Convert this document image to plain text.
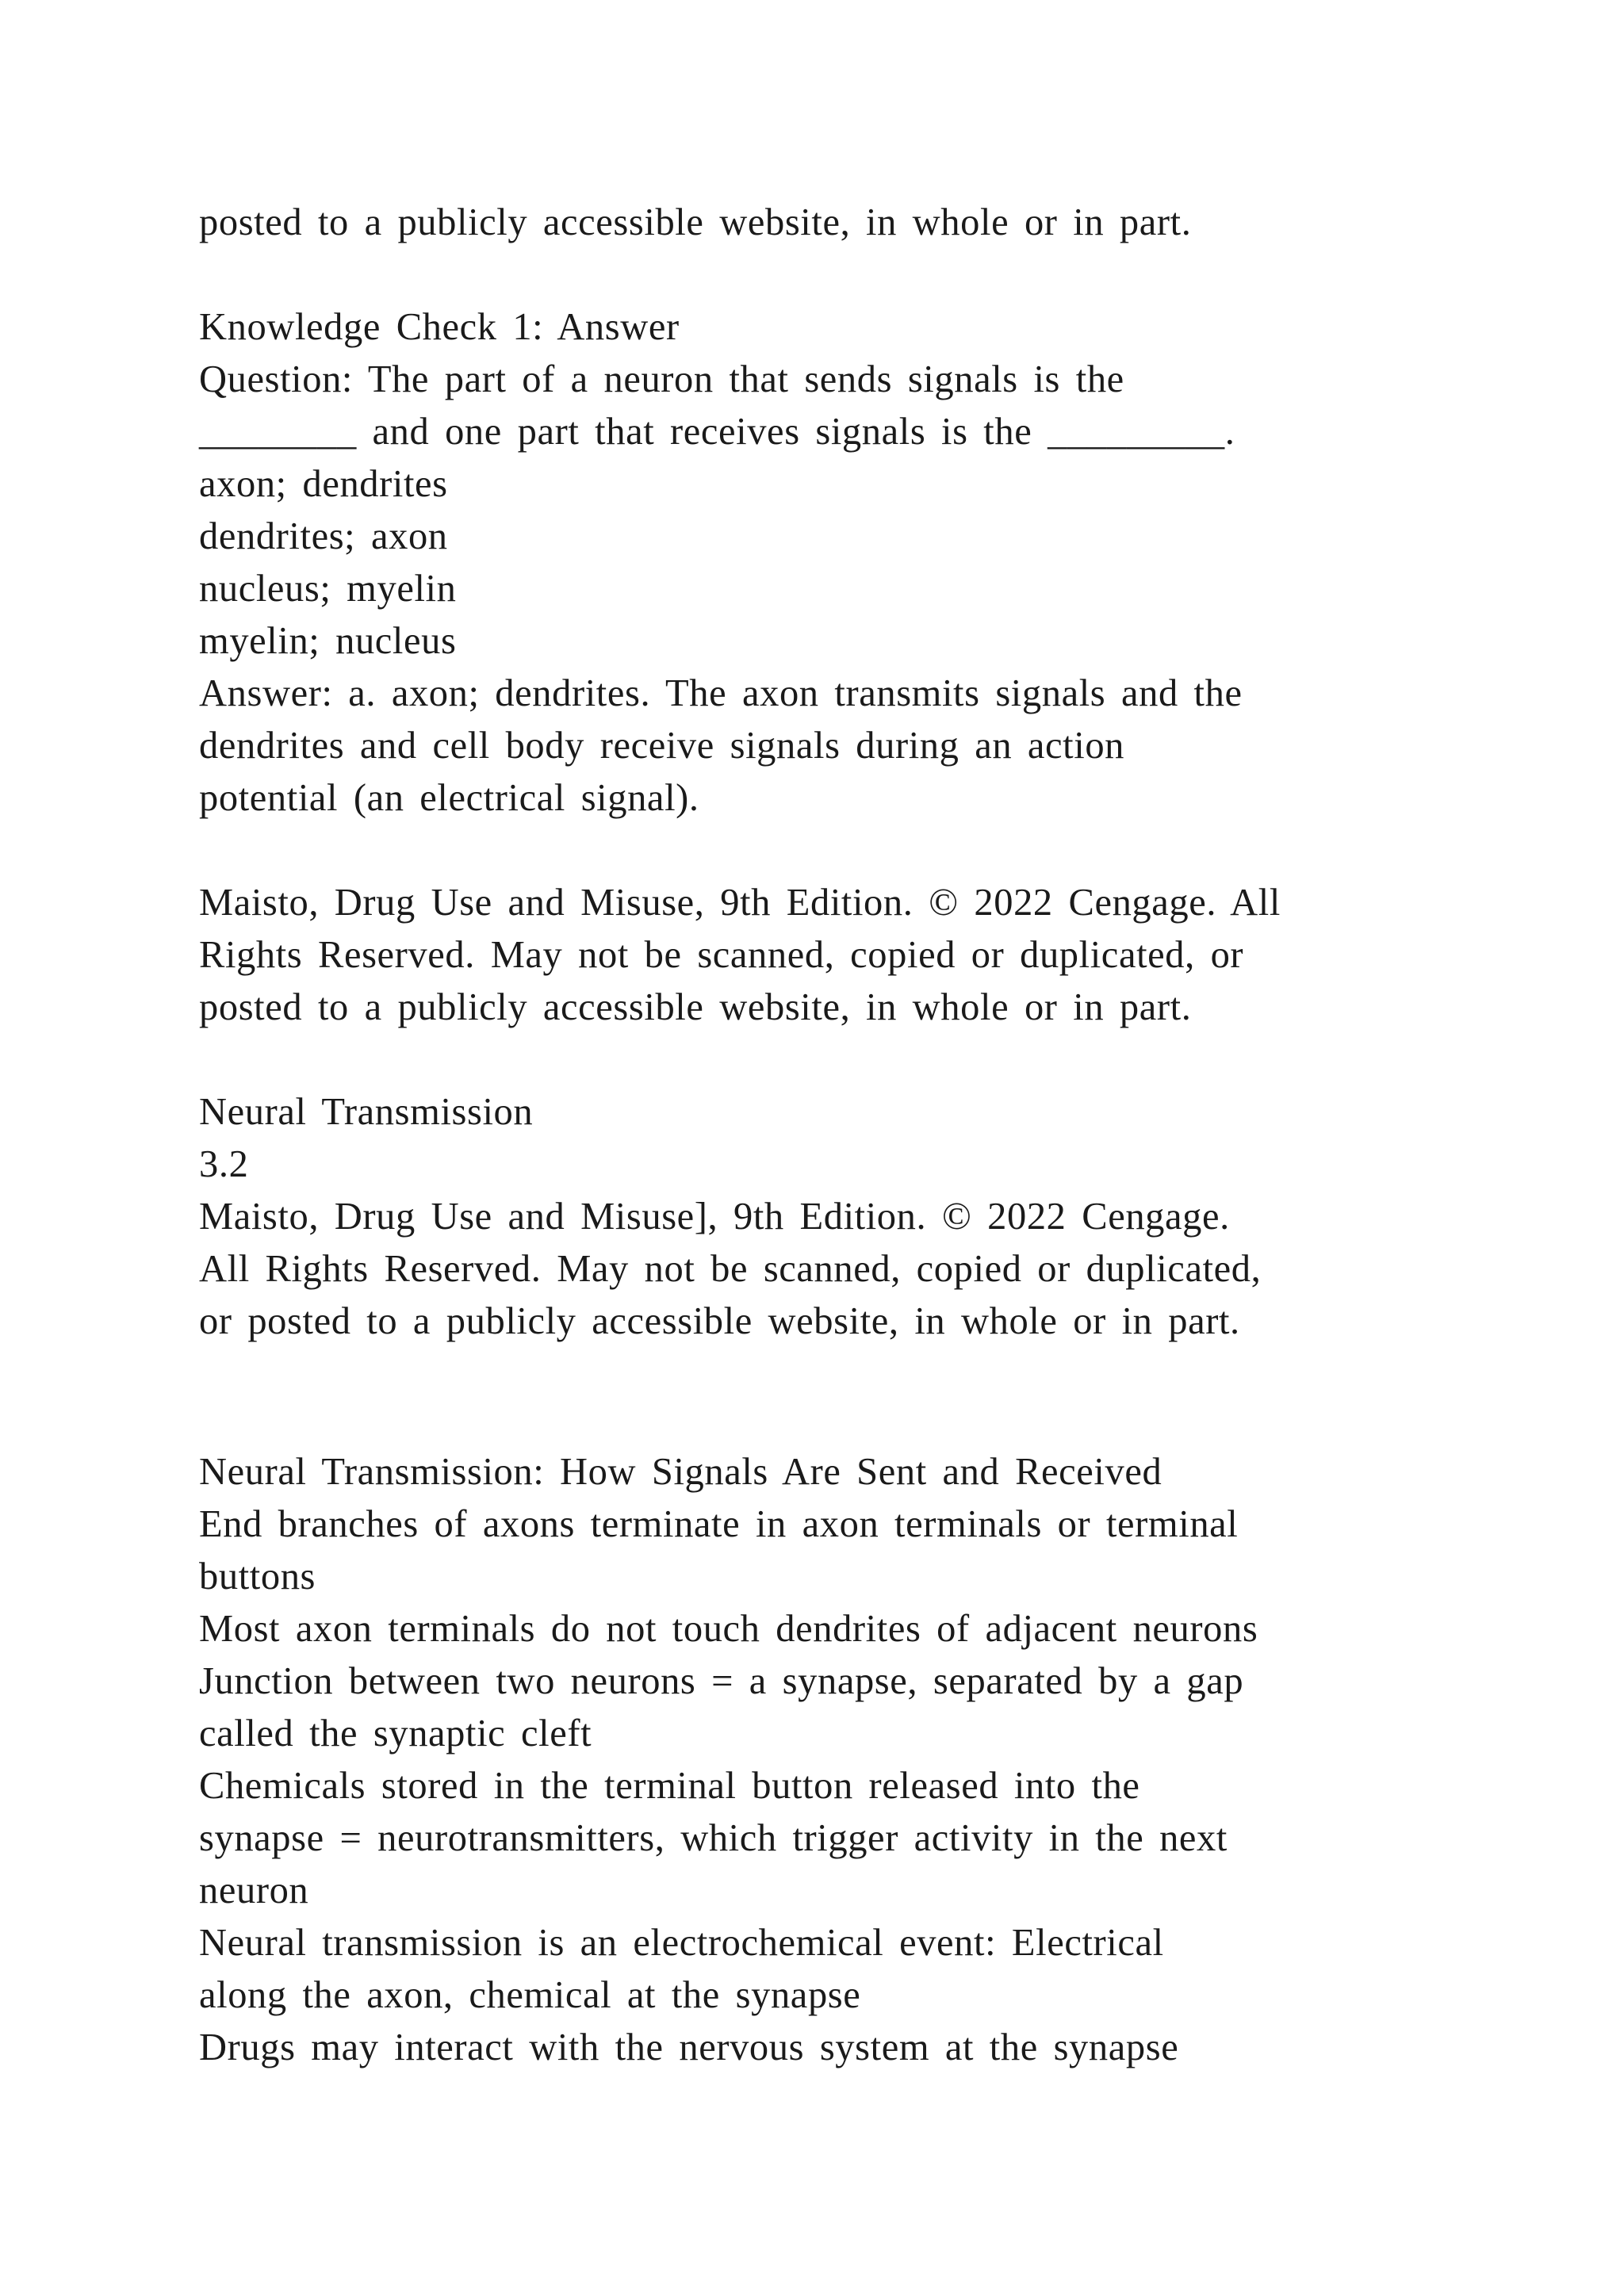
posted to a publicly accessible website, in whole or in part.
Knowledge Check 1: Answer
Question: The part of a neuron that sends signals is the
________ and one part that receives signals is the _________.
axon; dendrites
dendrites; axon
nucleus; myelin
myelin; nucleus
Answer: a. axon; dendrites. The axon transmits signals and the
dendrites and cell body receive signals during an action
potential (an electrical signal).
Maisto, Drug Use and Misuse, 9th Edition. © 2022 Cengage. All
Rights Reserved. May not be scanned, copied or duplicated, or
posted to a publicly accessible website, in whole or in part.
Neural Transmission
3.2
Maisto, Drug Use and Misuse], 9th Edition. © 2022 Cengage.
All Rights Reserved. May not be scanned, copied or duplicated,
or posted to a publicly accessible website, in whole or in part.
Neural Transmission: How Signals Are Sent and Received
End branches of axons terminate in axon terminals or terminal
buttons
Most axon terminals do not touch dendrites of adjacent neurons
Junction between two neurons = a synapse, separated by a gap
called the synaptic cleft
Chemicals stored in the terminal button released into the
synapse = neurotransmitters, which trigger activity in the next
neuron
Neural transmission is an electrochemical event: Electrical
along the axon, chemical at the synapse
Drugs may interact with the nervous system at the synapse
